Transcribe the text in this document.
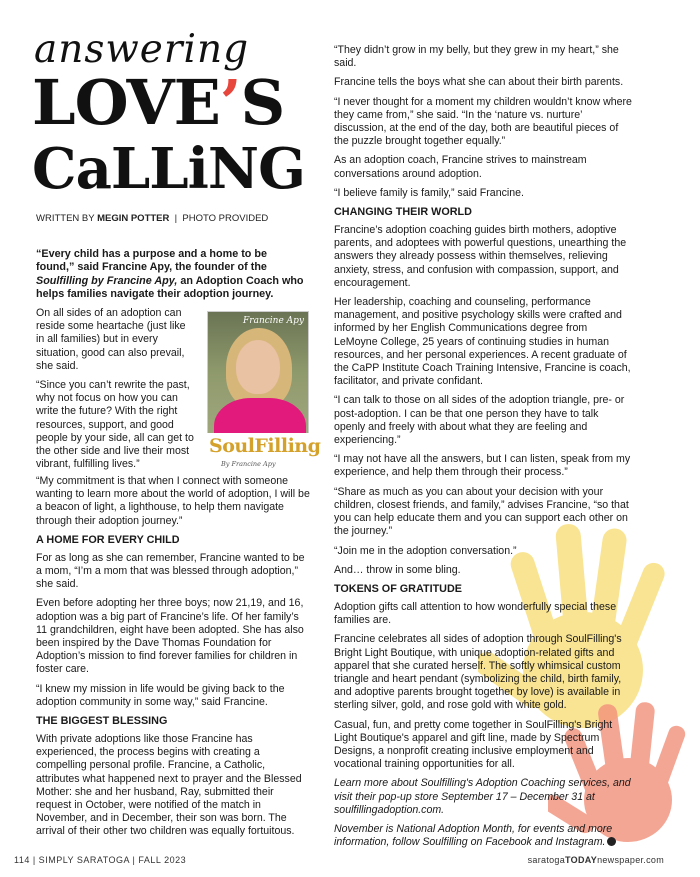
answering
LOVE’S
CaLLiNG
WRITTEN BY MEGIN POTTER | PHOTO PROVIDED
“Every child has a purpose and a home to be found,” said Francine Apy, the founder of the Soulfilling by Francine Apy, an Adoption Coach who helps families navigate their adoption journey.

On all sides of an adoption can reside some heartache (just like in all families) but in every situation, good can also prevail, she said.

“Since you can’t rewrite the past, why not focus on how you can write the future? With the right resources, support, and good people by your side, all can get to the other side and live their most vibrant, fulfilling lives.”

Francine Apy
SoulFilling
By Francine Apy

“My commitment is that when I connect with someone wanting to learn more about the world of adoption, I will be a beacon of light, a lighthouse, to help them navigate through their adoption journey.”

A HOME FOR EVERY CHILD

For as long as she can remember, Francine wanted to be a mom, “I’m a mom that was blessed through adoption,” she said.

Even before adopting her three boys; now 21,19, and 16, adoption was a big part of Francine’s life. Of her family’s 11 grandchildren, eight have been adopted. She has also been inspired by the Dave Thomas Foundation for Adoption’s mission to find forever families for children in foster care.

“I knew my mission in life would be giving back to the adoption community in some way,” said Francine.

THE BIGGEST BLESSING

With private adoptions like those Francine has experienced, the process begins with creating a compelling personal profile. Francine, a Catholic, attributes what happened next to prayer and the Blessed Mother: she and her husband, Ray, submitted their request in October, were notified of the match in November, and in December, their son was born. The arrival of their other two children was equally fortuitous.

“They didn’t grow in my belly, but they grew in my heart,” she said.

Francine tells the boys what she can about their birth parents.

“I never thought for a moment my children wouldn’t know where they came from,” she said. “In the ‘nature vs. nurture’ discussion, at the end of the day, both are beautiful pieces of the puzzle brought together equally.”

As an adoption coach, Francine strives to mainstream conversations around adoption.

“I believe family is family,” said Francine.

CHANGING THEIR WORLD

Francine’s adoption coaching guides birth mothers, adoptive parents, and adoptees with powerful questions, unearthing the answers they already possess within themselves, relieving anxiety, stress, and confusion with compassion, support, and encouragement.

Her leadership, coaching and counseling, performance management, and positive psychology skills were crafted and informed by her English Communications degree from LeMoyne College, 25 years of continuing studies in human resources, and her personal experiences. A recent graduate of the CaPP Institute Coach Training Intensive, Francine is coach, facilitator, and private confidant.

“I can talk to those on all sides of the adoption triangle, pre- or post-adoption. I can be that one person they have to talk openly and freely with about what they are feeling and experiencing.”

“I may not have all the answers, but I can listen, speak from my experience, and help them through their process.”

“Share as much as you can about your decision with your children, closest friends, and family,” advises Francine, “so that you can help educate them and you can support each other on the journey.”

“Join me in the adoption conversation.”

And… throw in some bling.

TOKENS OF GRATITUDE

Adoption gifts call attention to how wonderfully special these families are.

Francine celebrates all sides of adoption through SoulFilling's Bright Light Boutique, with unique adoption-related gifts and apparel that she curated herself. The softly whimsical custom triangle and heart pendant (symbolizing the child, birth family, and adoptive parents brought together by love) is available in sterling silver, gold, and rose gold with white gold.

Casual, fun, and pretty come together in SoulFilling's Bright Light Boutique's apparel and gift line, made by Spectrum Designs, a nonprofit creating inclusive employment and vocational training opportunities for all.

Learn more about Soulfilling's Adoption Coaching services, and visit their pop-up store September 17 – December 31 at soulfillingadoption.com.

November is National Adoption Month, for events and more information, follow Soulfilling on Facebook and Instagram.

114 | SIMPLY SARATOGA | FALL 2023	saratogaTODAYnewspaper.com
